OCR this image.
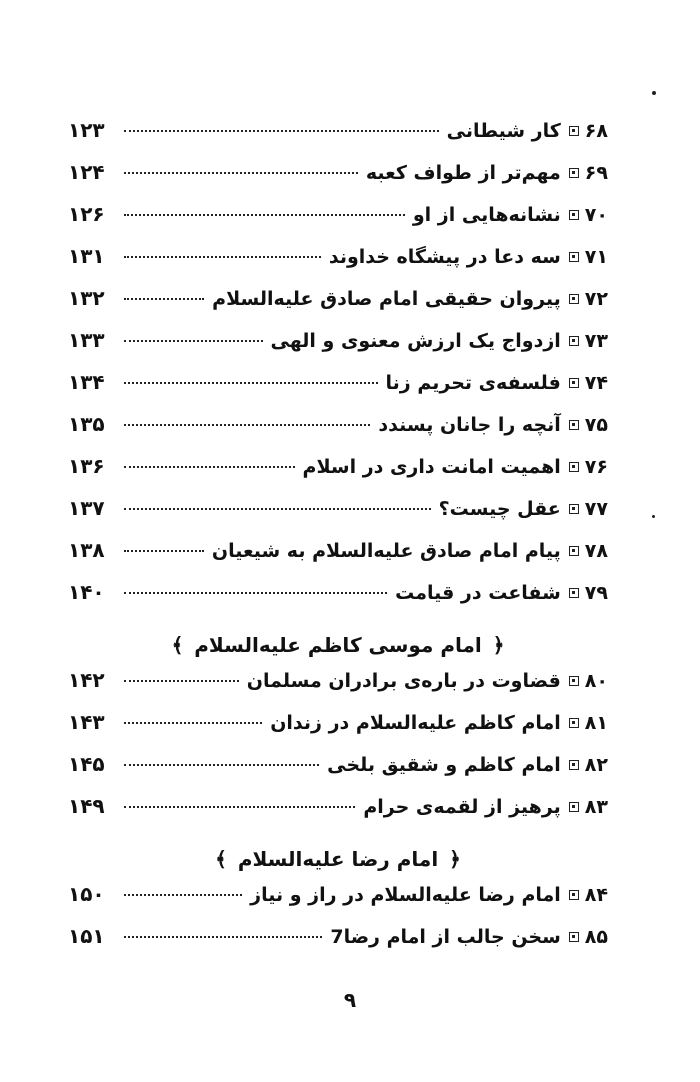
۶۸
کار شیطانی
۱۲۳
۶۹
مهم‌تر از طواف کعبه
۱۲۴
۷۰
نشانه‌هایی از او
۱۲۶
۷۱
سه دعا در پیشگاه خداوند
۱۳۱
۷۲
پیروان حقیقی امام صادق علیه‌السلام
۱۳۲
۷۳
ازدواج یک ارزش معنوی و الهی
۱۳۳
۷۴
فلسفه‌ی تحریم زنا
۱۳۴
۷۵
آنچه را جانان پسندد
۱۳۵
۷۶
اهمیت امانت داری در اسلام
۱۳۶
۷۷
عقل چیست؟
۱۳۷
۷۸
پیام امام صادق علیه‌السلام به شیعیان
۱۳۸
۷۹
شفاعت در قیامت
۱۴۰
﴿ امام موسی کاظم علیه‌السلام ﴾
۸۰
قضاوت در باره‌ی برادران مسلمان
۱۴۲
۸۱
امام کاظم علیه‌السلام در زندان
۱۴۳
۸۲
امام کاظم و شقیق بلخی
۱۴۵
۸۳
پرهیز از لقمه‌ی حرام
۱۴۹
﴿ امام رضا علیه‌السلام ﴾
۸۴
امام رضا علیه‌السلام در راز و نیاز
۱۵۰
۸۵
سخن جالب از امام رضا7
۱۵۱
۹
